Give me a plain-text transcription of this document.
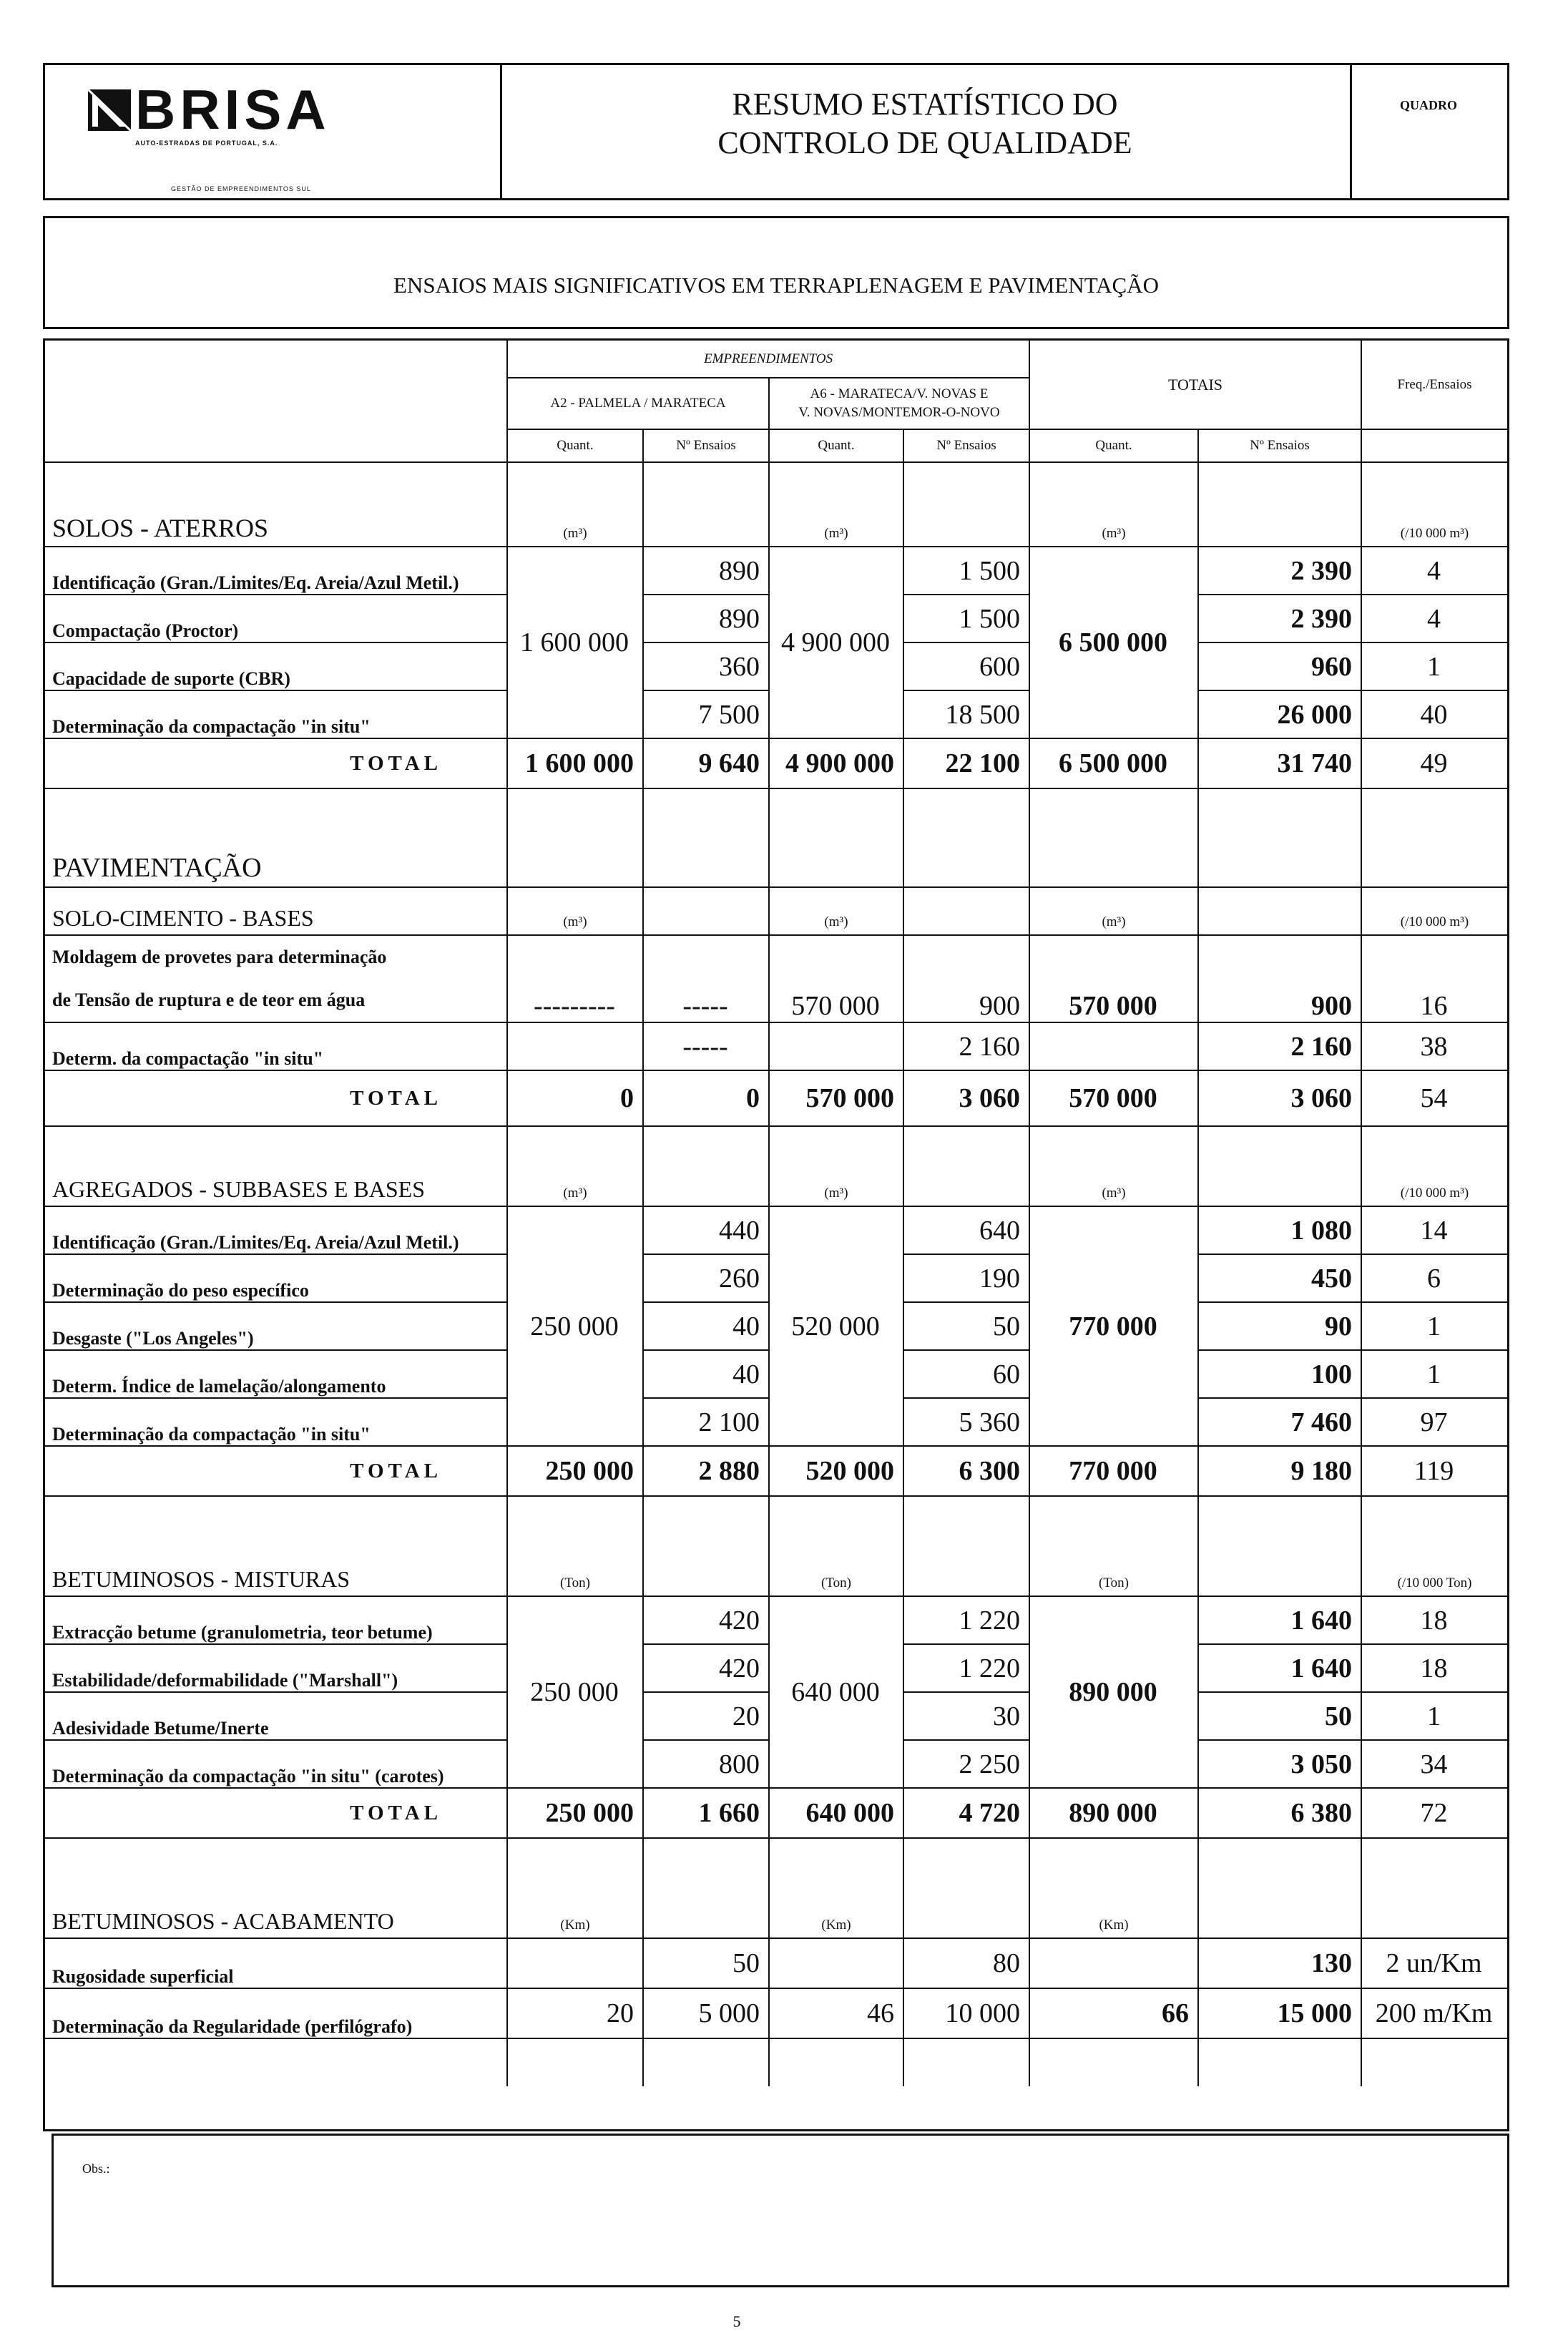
BRISA
AUTO-ESTRADAS DE PORTUGAL, S.A.
GESTÃO DE EMPREENDIMENTOS SUL
RESUMO ESTATÍSTICO DO
CONTROLO DE QUALIDADE
QUADRO
ENSAIOS MAIS SIGNIFICATIVOS EM TERRAPLENAGEM E PAVIMENTAÇÃO
	EMPREENDIMENTOS				TOTAIS		Freq./Ensaios
	A2 - PALMELA / MARATECA		A6 - MARATECA/V. NOVAS E
V. NOVAS/MONTEMOR-O-NOVO				

	Quant.	Nº Ensaios	Quant.	Nº Ensaios	Quant.	Nº Ensaios	
SOLOS - ATERROS	(m³)		(m³)		(m³)		(/10 000 m³)
Identificação (Gran./Limites/Eq. Areia/Azul Metil.)	1 600 000	890	4 900 000	1 500	6 500 000	2 390	4
Compactação (Proctor)		890		1 500		2 390	4
Capacidade de suporte (CBR)		360		600		960	1
Determinação da compactação "in situ"		7 500		18 500		26 000	40
TOTAL	1 600 000	9 640	4 900 000	22 100	6 500 000	31 740	49
PAVIMENTAÇÃO							
SOLO-CIMENTO - BASES	(m³)		(m³)		(m³)		(/10 000 m³)

Moldagem de provetes para determinação
de Tensão de ruptura e de teor em água	---------	-----	570 000	900	570 000	900	16
Determ. da compactação "in situ"		-----		2 160		2 160	38
TOTAL	0	0	570 000	3 060	570 000	3 060	54
AGREGADOS - SUBBASES E BASES	(m³)		(m³)		(m³)		(/10 000 m³)
Identificação (Gran./Limites/Eq. Areia/Azul Metil.)	250 000	440	520 000	640	770 000	1 080	14
Determinação do peso específico		260		190		450	6
Desgaste ("Los Angeles")		40		50		90	1
Determ. Índice de lamelação/alongamento		40		60		100	1
Determinação da compactação "in situ"		2 100		5 360		7 460	97
TOTAL	250 000	2 880	520 000	6 300	770 000	9 180	119
BETUMINOSOS - MISTURAS	(Ton)		(Ton)		(Ton)		(/10 000 Ton)
Extracção betume (granulometria, teor betume)	250 000	420	640 000	1 220	890 000	1 640	18
Estabilidade/deformabilidade ("Marshall")		420		1 220		1 640	18
Adesividade Betume/Inerte		20		30		50	1
Determinação da compactação "in situ" (carotes)		800		2 250		3 050	34
TOTAL	250 000	1 660	640 000	4 720	890 000	6 380	72
BETUMINOSOS - ACABAMENTO	(Km)		(Km)		(Km)		
Rugosidade superficial		50		80		130	2 un/Km
Determinação da Regularidade (perfilógrafo)	20	5 000	46	10 000	66	15 000	200 m/Km

Obs.:
5
